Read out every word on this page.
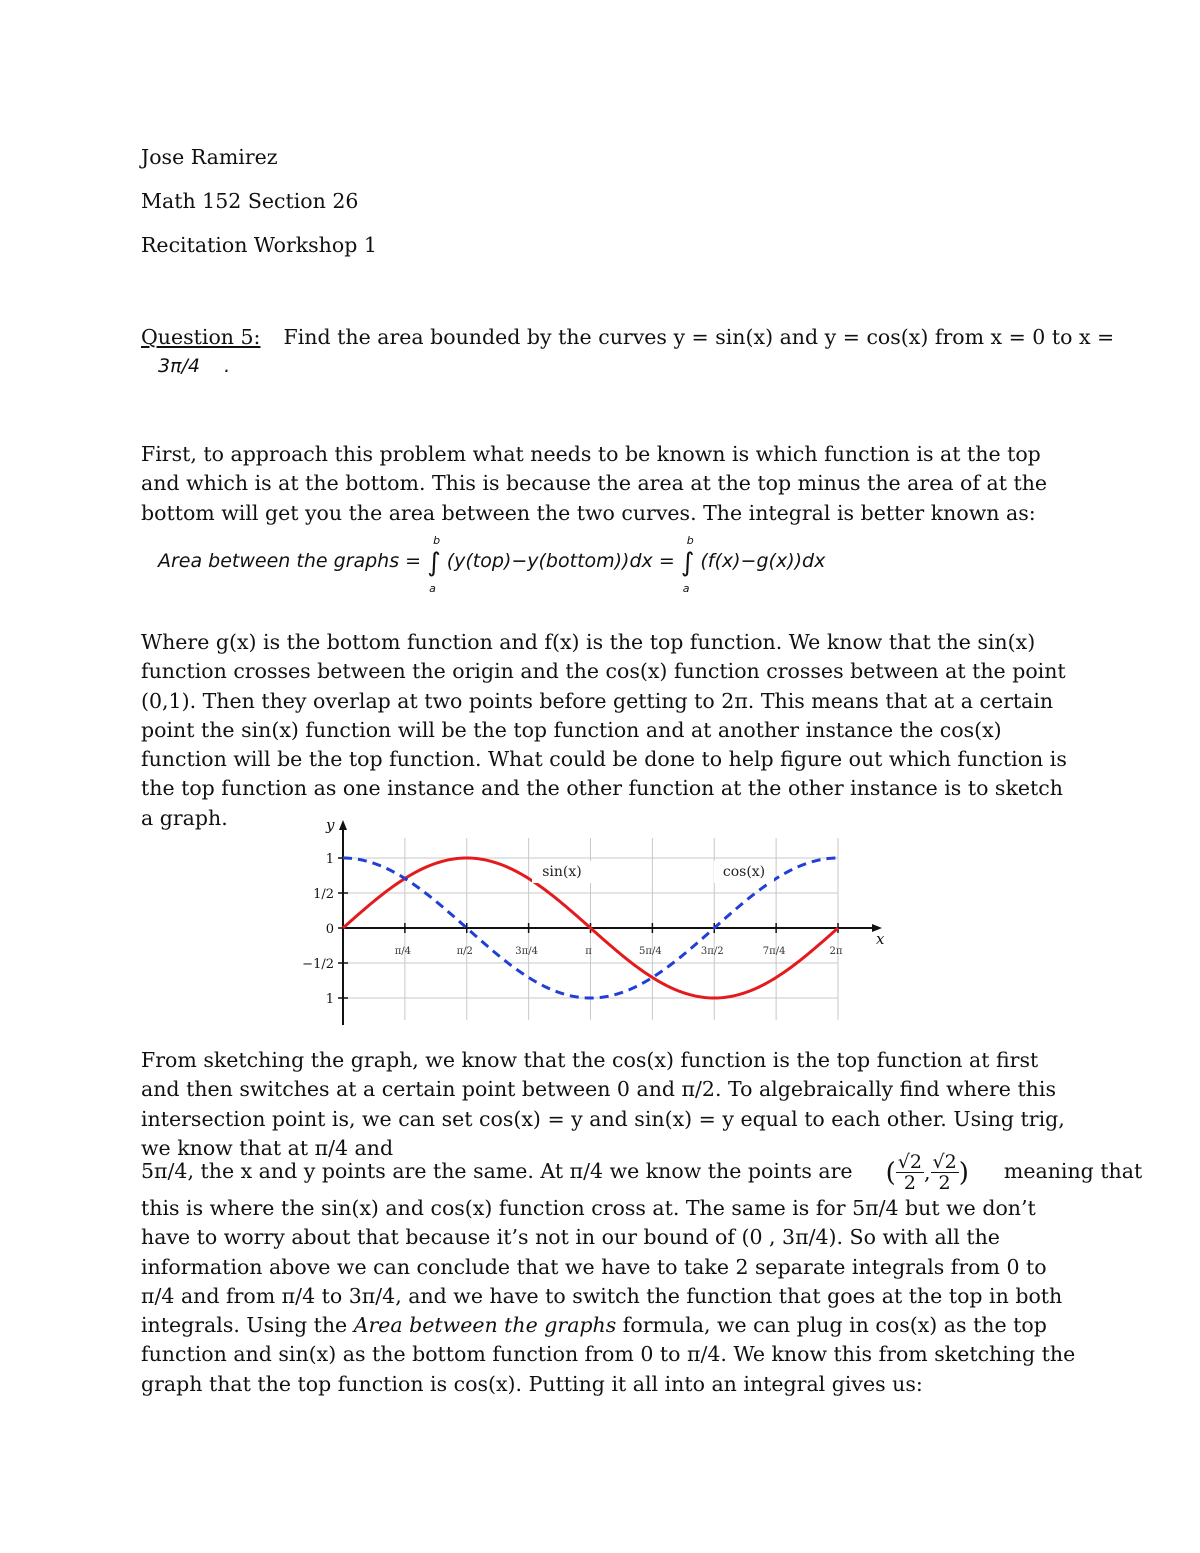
Jose Ramirez
Math 152 Section 26
Recitation Workshop 1
Question 5: Find the area bounded by the curves y = sin(x) and y = cos(x) from x = 0 to x =
3π/4 .

First, to approach this problem what needs to be known is which function is at the top and which is at the bottom. This is because the area at the top minus the area of at the bottom will get you the area between the two curves. The integral is better known as:

Area between the graphs = ∫
b
a
(y(top)−y(bottom))dx = ∫
b
a
(f(x)−g(x))dx

Where g(x) is the bottom function and f(x) is the top function. We know that the sin(x) function crosses between the origin and the cos(x) function crosses between at the point (0,1). Then they overlap at two points before getting to 2π. This means that at a certain point the sin(x) function will be the top function and at another instance the cos(x) function will be the top function. What could be done to help figure out which function is the top function as one instance and the other function at the other instance is to sketch a graph.	y
x
1
1/2
0
−1/2
1
π/4	π/2	3π/4	π	5π/4	3π/2	7π/4	2π
sin(x)	cos(x)

From sketching the graph, we know that the cos(x) function is the top function at first and then switches at a certain point between 0 and π/2. To algebraically find where this intersection point is, we can set cos(x) = y and sin(x) = y equal to each other. Using trig, we know that at π/4 and

5π/4, the x and y points are the same. At π/4 we know the points are ( $\frac{√2}{2}$ , $\frac{√2}{2}$ ) meaning that

this is where the sin(x) and cos(x) function cross at. The same is for 5π/4 but we don’t have to worry about that because it’s not in our bound of (0 , 3π/4). So with all the information above we can conclude that we have to take 2 separate integrals from 0 to π/4 and from π/4 to 3π/4, and we have to switch the function that goes at the top in both integrals. Using the Area between the graphs formula, we can plug in cos(x) as the top function and sin(x) as the bottom function from 0 to π/4. We know this from sketching the graph that the top function is cos(x). Putting it all into an integral gives us:
